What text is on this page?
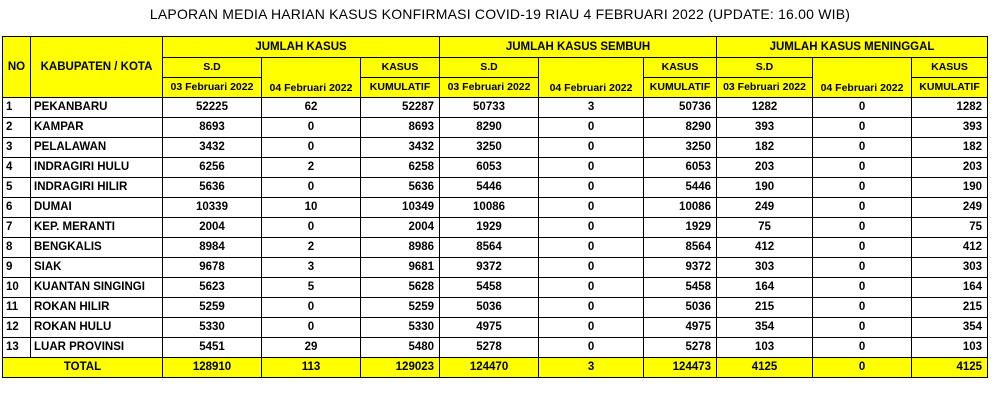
LAPORAN MEDIA HARIAN KASUS KONFIRMASI COVID-19 RIAU 4 FEBRUARI 2022 (UPDATE: 16.00 WIB)
NO	KABUPATEN / KOTA	JUMLAH KASUS			JUMLAH KASUS SEMBUH			JUMLAH KASUS MENINGGAL		
		S.D	04 Februari 2022	KASUS	S.D	04 Februari 2022	KASUS	S.D	04 Februari 2022	KASUS
		03 Februari 2022		KUMULATIF	03 Februari 2022		KUMULATIF	03 Februari 2022		KUMULATIF
1	PEKANBARU	52225	62	52287	50733	3	50736	1282	0	1282
2	KAMPAR	8693	0	8693	8290	0	8290	393	0	393
3	PELALAWAN	3432	0	3432	3250	0	3250	182	0	182
4	INDRAGIRI HULU	6256	2	6258	6053	0	6053	203	0	203
5	INDRAGIRI HILIR	5636	0	5636	5446	0	5446	190	0	190
6	DUMAI	10339	10	10349	10086	0	10086	249	0	249
7	KEP. MERANTI	2004	0	2004	1929	0	1929	75	0	75
8	BENGKALIS	8984	2	8986	8564	0	8564	412	0	412
9	SIAK	9678	3	9681	9372	0	9372	303	0	303
10	KUANTAN SINGINGI	5623	5	5628	5458	0	5458	164	0	164
11	ROKAN HILIR	5259	0	5259	5036	0	5036	215	0	215
12	ROKAN HULU	5330	0	5330	4975	0	4975	354	0	354
13	LUAR PROVINSI	5451	29	5480	5278	0	5278	103	0	103
TOTAL		128910	113	129023	124470	3	124473	4125	0	4125
